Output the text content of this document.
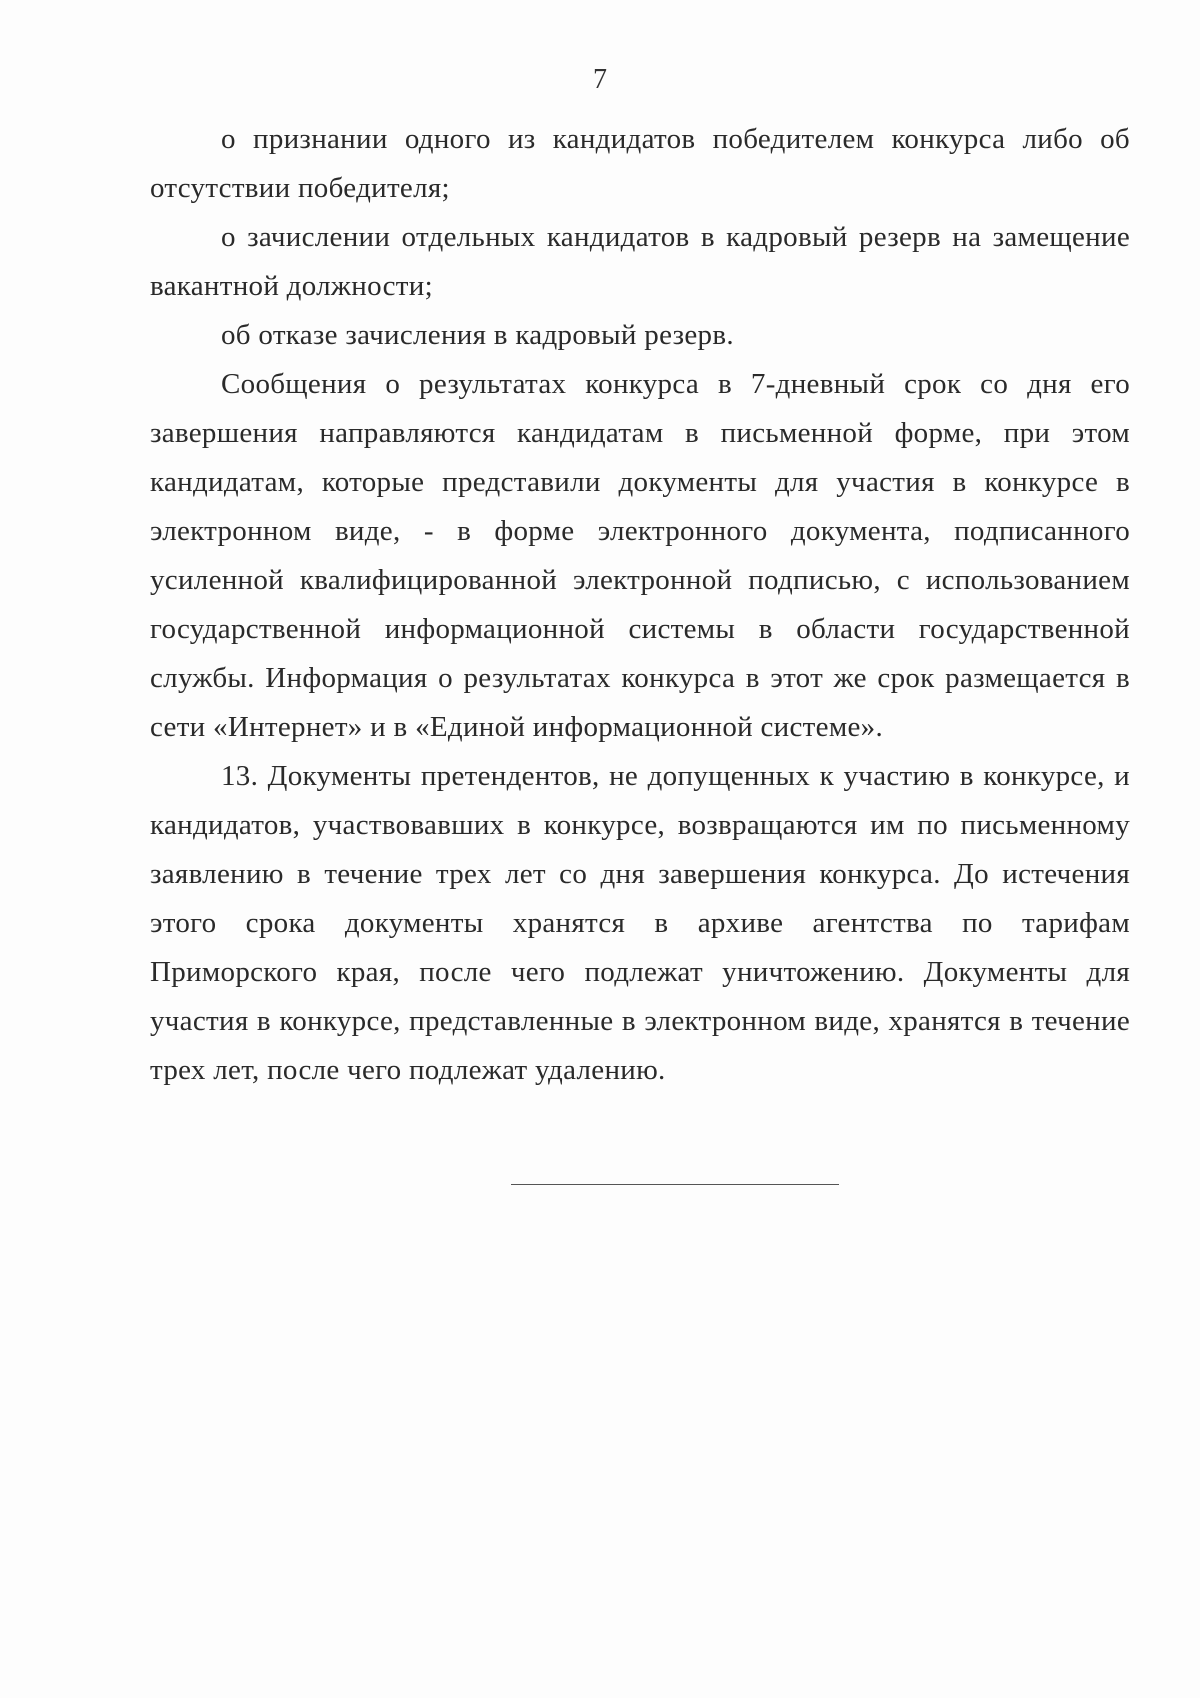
7

о признании одного из кандидатов победителем конкурса либо об отсутствии победителя;

о зачислении отдельных кандидатов в кадровый резерв на замещение вакантной должности;

об отказе зачисления в кадровый резерв.

Сообщения о результатах конкурса в 7-дневный срок со дня его завершения направляются кандидатам в письменной форме, при этом кандидатам, которые представили документы для участия в конкурсе в электронном виде, - в форме электронного документа, подписанного усиленной квалифицированной электронной подписью, с использованием государственной информационной системы в области государственной службы. Информация о результатах конкурса в этот же срок размещается в сети «Интернет» и в «Единой информационной системе».

13. Документы претендентов, не допущенных к участию в конкурсе, и кандидатов, участвовавших в конкурсе, возвращаются им по письменному заявлению в течение трех лет со дня завершения конкурса. До истечения этого срока документы хранятся в архиве агентства по тарифам Приморского края, после чего подлежат уничтожению. Документы для участия в конкурсе, представленные в электронном виде, хранятся в течение трех лет, после чего подлежат удалению.
